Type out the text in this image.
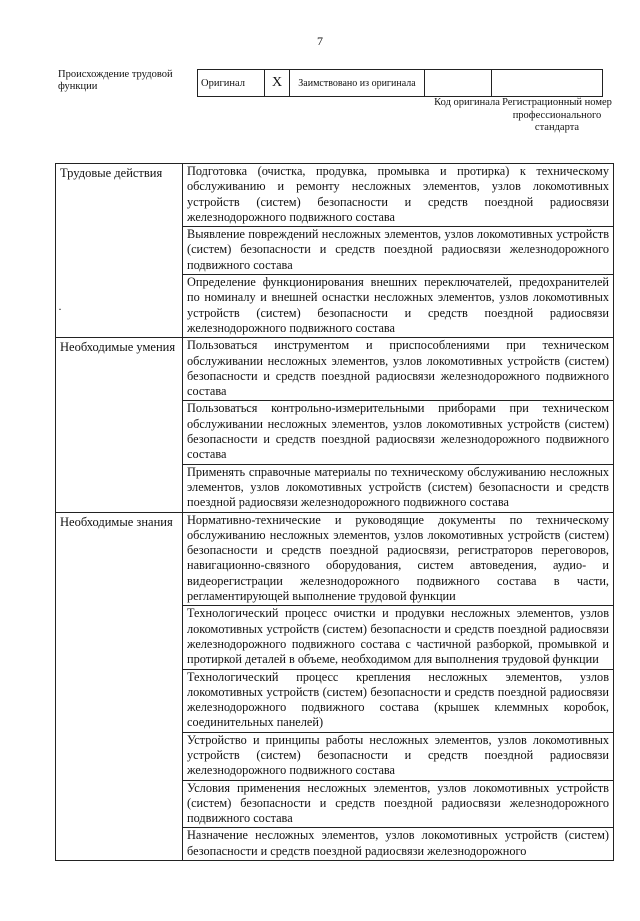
7
Происхождение трудовой функции	Оригинал	X	Заимствовано из оригинала		
Код оригинала Регистрационный номер профессионального стандарта
Трудовые действия	Подготовка (очистка, продувка, промывка и протирка) к техническому обслуживанию и ремонту несложных элементов, узлов локомотивных устройств (систем) безопасности и средств поездной радиосвязи железнодорожного подвижного состава
	Выявление повреждений несложных элементов, узлов локомотивных устройств (систем) безопасности и средств поездной радиосвязи железнодорожного подвижного состава
	Определение функционирования внешних переключателей, предохранителей по номиналу и внешней оснастки несложных элементов, узлов локомотивных устройств (систем) безопасности и средств поездной радиосвязи железнодорожного подвижного состава
Необходимые умения	Пользоваться инструментом и приспособлениями при техническом обслуживании несложных элементов, узлов локомотивных устройств (систем) безопасности и средств поездной радиосвязи железнодорожного подвижного состава
	Пользоваться контрольно-измерительными приборами при техническом обслуживании несложных элементов, узлов локомотивных устройств (систем) безопасности и средств поездной радиосвязи железнодорожного подвижного состава
	Применять справочные материалы по техническому обслуживанию несложных элементов, узлов локомотивных устройств (систем) безопасности и средств поездной радиосвязи железнодорожного подвижного состава
Необходимые знания	Нормативно-технические и руководящие документы по техническому обслуживанию несложных элементов, узлов локомотивных устройств (систем) безопасности и средств поездной радиосвязи, регистраторов переговоров, навигационно-связного оборудования, систем автоведения, аудио- и видеорегистрации железнодорожного подвижного состава в части, регламентирующей выполнение трудовой функции
	Технологический процесс очистки и продувки несложных элементов, узлов локомотивных устройств (систем) безопасности и средств поездной радиосвязи железнодорожного подвижного состава с частичной разборкой, промывкой и протиркой деталей в объеме, необходимом для выполнения трудовой функции
	Технологический процесс крепления несложных элементов, узлов локомотивных устройств (систем) безопасности и средств поездной радиосвязи железнодорожного подвижного состава (крышек клеммных коробок, соединительных панелей)
	Устройство и принципы работы несложных элементов, узлов локомотивных устройств (систем) безопасности и средств поездной радиосвязи железнодорожного подвижного состава
	Условия применения несложных элементов, узлов локомотивных устройств (систем) безопасности и средств поездной радиосвязи железнодорожного подвижного состава
	Назначение несложных элементов, узлов локомотивных устройств (систем) безопасности и средств поездной радиосвязи железнодорожного
·
